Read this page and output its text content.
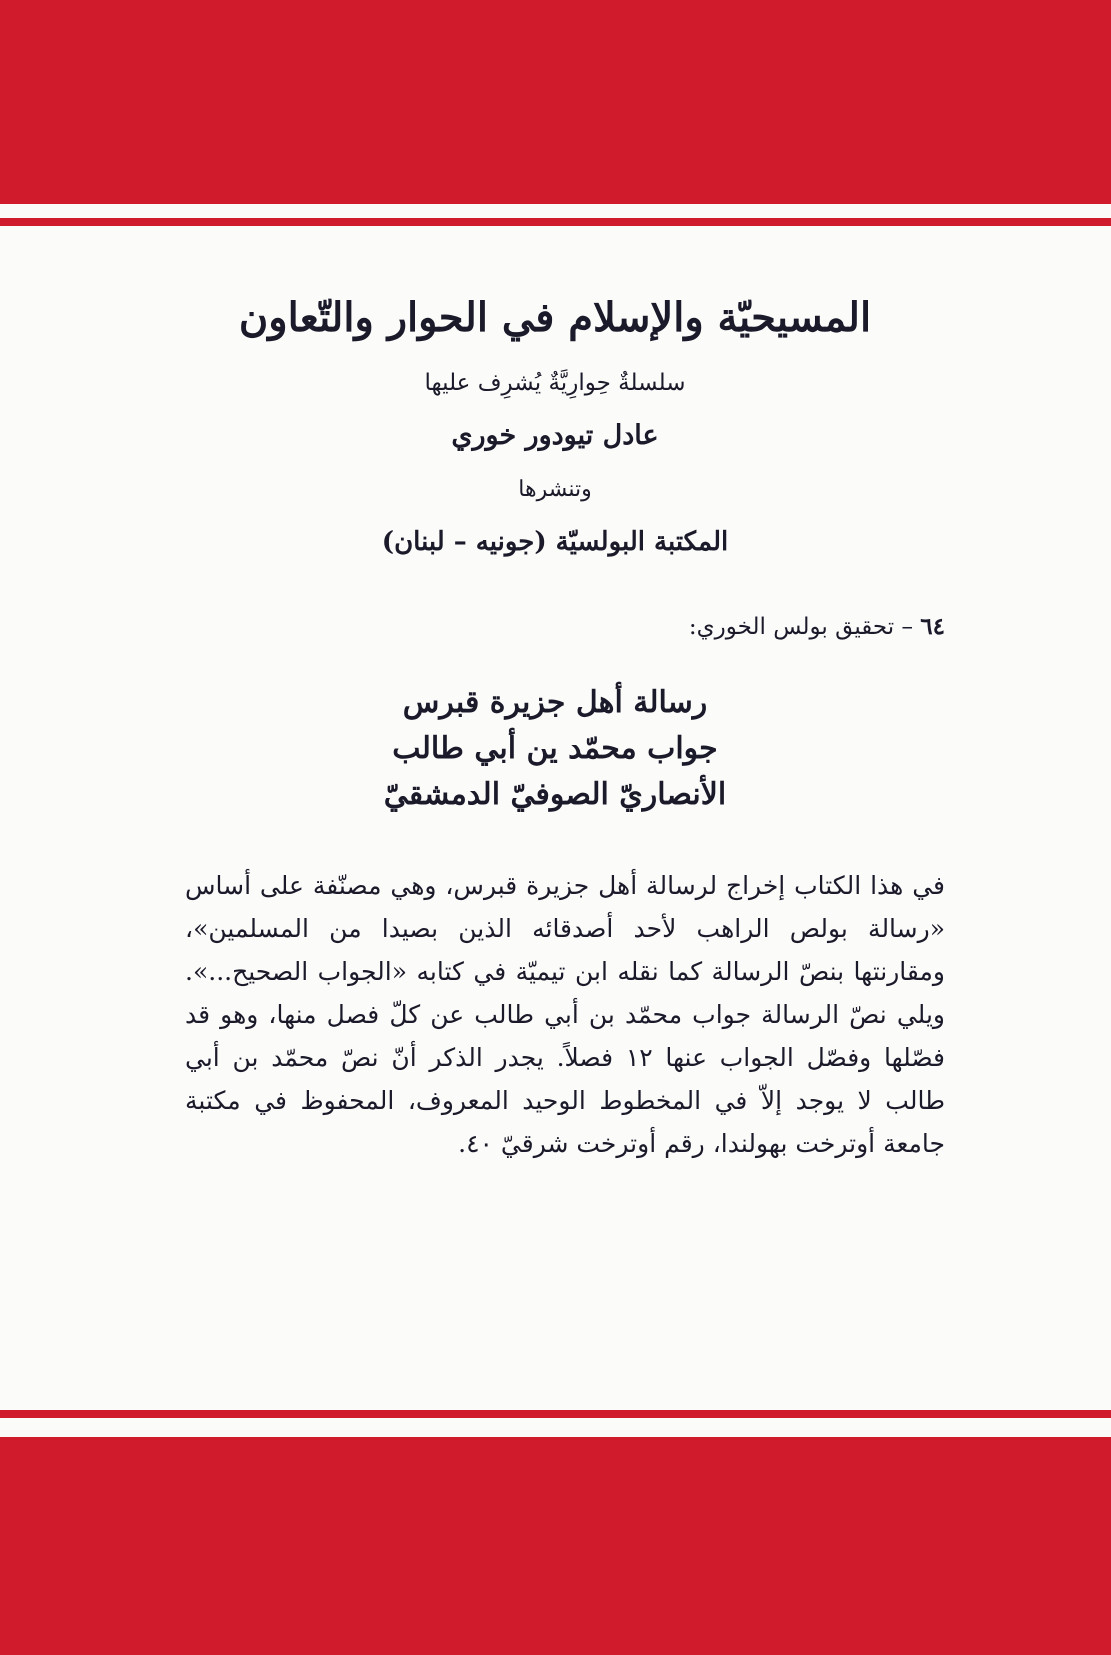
المسيحيّة والإسلام في الحوار والتّعاون
سلسلةٌ حِوارِيَّةٌ يُشرِف عليها
عادل تيودور خوري
وتنشرها
المكتبة البولسيّة (جونيه – لبنان)
٦٤ – تحقيق بولس الخوري:
رسالة أهل جزيرة قبرس
جواب محمّد ين أبي طالب
الأنصاريّ الصوفيّ الدمشقيّ
في هذا الكتاب إخراج لرسالة أهل جزيرة قبرس، وهي مصنّفة على أساس «رسالة بولص الراهب لأحد أصدقائه الذين بصيدا من المسلمين»، ومقارنتها بنصّ الرسالة كما نقله ابن تيميّة في كتابه «الجواب الصحيح...». ويلي نصّ الرسالة جواب محمّد بن أبي طالب عن كلّ فصل منها، وهو قد فصّلها وفصّل الجواب عنها ١٢ فصلاً. يجدر الذكر أنّ نصّ محمّد بن أبي طالب لا يوجد إلاّ في المخطوط الوحيد المعروف، المحفوظ في مكتبة جامعة أوترخت بهولندا، رقم أوترخت شرقيّ ٤٠.
